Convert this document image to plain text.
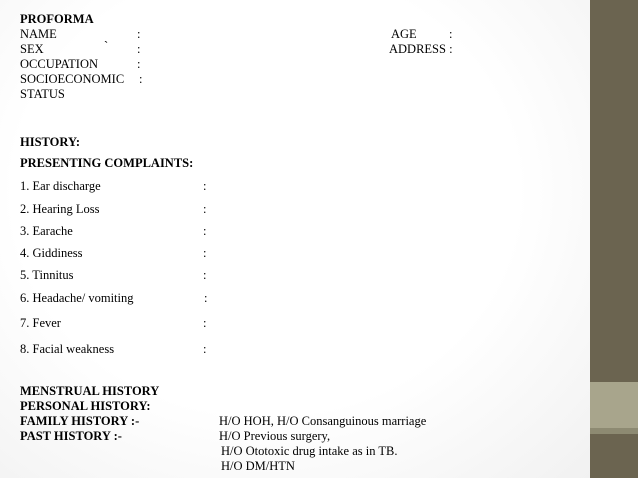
PROFORMA
NAME	:	AGE	:
SEX	` :	ADDRESS :
OCCUPATION	:
SOCIOECONOMIC :
STATUS
HISTORY:
PRESENTING COMPLAINTS:
1. Ear discharge	:
2. Hearing Loss	:
3. Earache	:
4. Giddiness	:
5. Tinnitus	:
6. Headache/ vomiting	:
7. Fever	:
8. Facial weakness	:
MENSTRUAL HISTORY
PERSONAL HISTORY:
FAMILY HISTORY :-	H/O HOH, H/O Consanguinous marriage
PAST HISTORY :-	H/O Previous surgery,
H/O Ototoxic drug intake as in TB.
H/O DM/HTN
